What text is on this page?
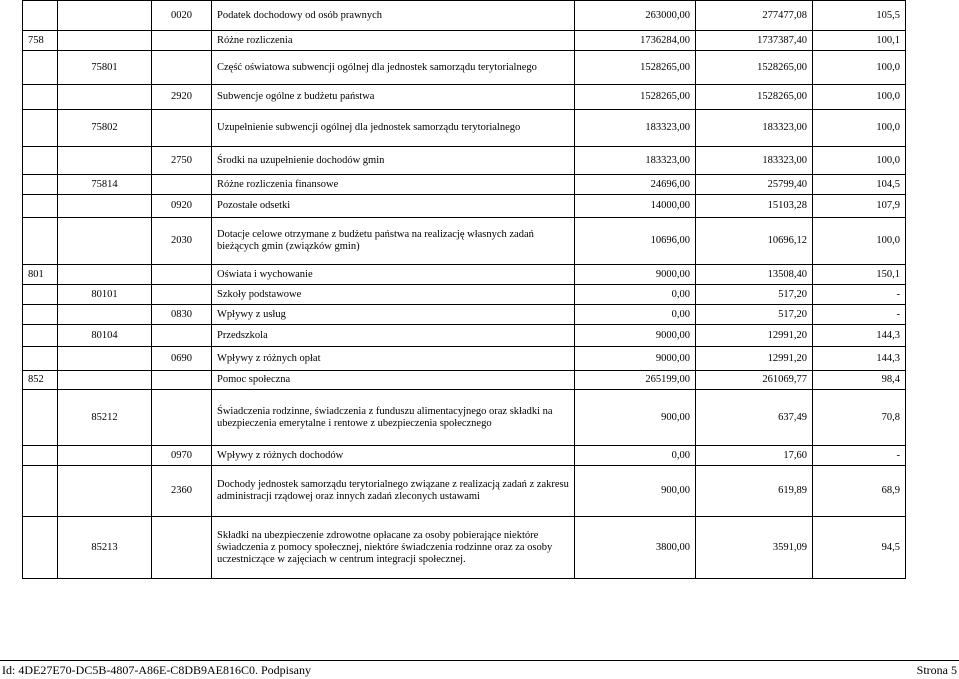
		0020	Podatek dochodowy od osób prawnych	263000,00	277477,08	105,5
758			Różne rozliczenia	1736284,00	1737387,40	100,1
	75801		Część oświatowa subwencji ogólnej dla jednostek samorządu terytorialnego	1528265,00	1528265,00	100,0
		2920	Subwencje ogólne z budżetu państwa	1528265,00	1528265,00	100,0
	75802		Uzupełnienie subwencji ogólnej dla jednostek samorządu terytorialnego	183323,00	183323,00	100,0
		2750	Środki na uzupełnienie dochodów gmin	183323,00	183323,00	100,0
	75814		Różne rozliczenia finansowe	24696,00	25799,40	104,5
		0920	Pozostałe odsetki	14000,00	15103,28	107,9
		2030	Dotacje celowe otrzymane z budżetu państwa na realizację własnych zadań bieżących gmin (związków gmin)	10696,00	10696,12	100,0
801			Oświata i wychowanie	9000,00	13508,40	150,1
	80101		Szkoły podstawowe	0,00	517,20	-
		0830	Wpływy z usług	0,00	517,20	-
	80104		Przedszkola	9000,00	12991,20	144,3
		0690	Wpływy z różnych opłat	9000,00	12991,20	144,3
852			Pomoc społeczna	265199,00	261069,77	98,4
	85212		Świadczenia rodzinne, świadczenia z funduszu alimentacyjnego oraz składki na ubezpieczenia emerytalne i rentowe z ubezpieczenia społecznego	900,00	637,49	70,8
		0970	Wpływy z różnych dochodów	0,00	17,60	-
		2360	Dochody jednostek samorządu terytorialnego związane z realizacją zadań z zakresu administracji rządowej oraz innych zadań zleconych ustawami	900,00	619,89	68,9
	85213		Składki na ubezpieczenie zdrowotne opłacane za osoby pobierające niektóre świadczenia z pomocy społecznej, niektóre świadczenia rodzinne oraz za osoby uczestniczące w zajęciach w centrum integracji społecznej.	3800,00	3591,09	94,5
Id: 4DE27E70-DC5B-4807-A86E-C8DB9AE816C0. Podpisany	Strona 5
